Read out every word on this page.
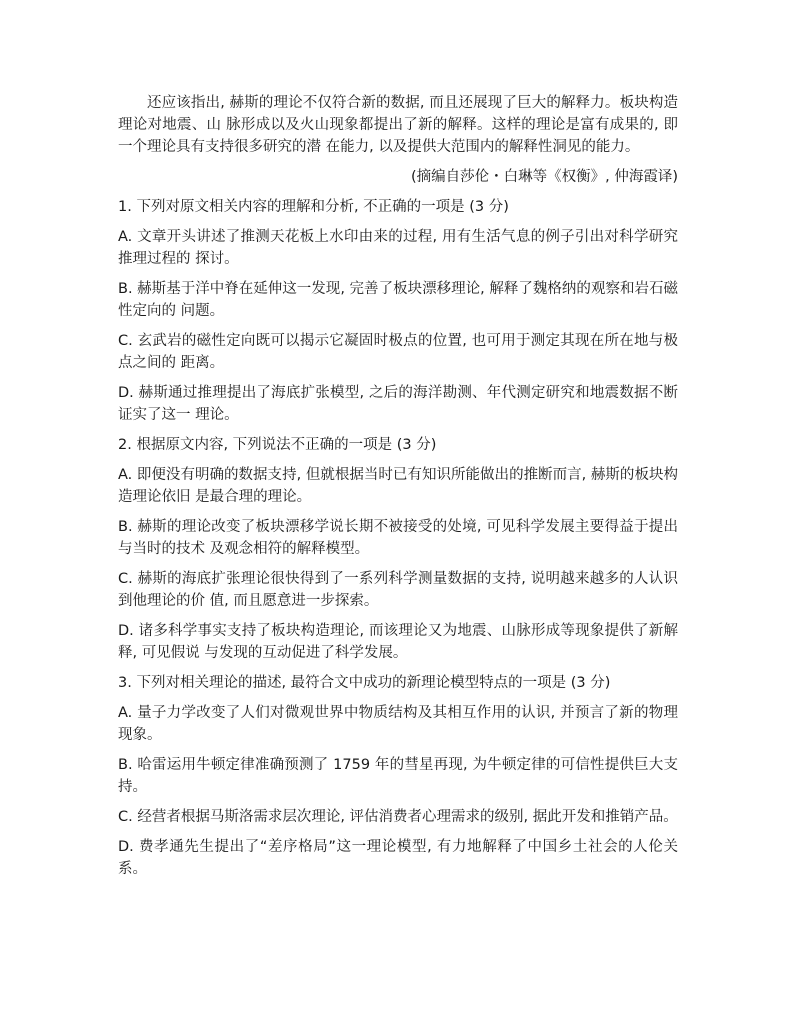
还应该指出, 赫斯的理论不仅符合新的数据, 而且还展现了巨大的解释力。板块构造理论对地震、山 脉形成以及火山现象都提出了新的解释。这样的理论是富有成果的, 即一个理论具有支持很多研究的潜 在能力, 以及提供大范围内的解释性洞见的能力。

(摘编自莎伦・白琳等《权衡》, 仲海霞译)

1. 下列对原文相关内容的理解和分析, 不正确的一项是 (3 分)

A. 文章开头讲述了推测天花板上水印由来的过程, 用有生活气息的例子引出对科学研究推理过程的 探讨。

B. 赫斯基于洋中脊在延伸这一发现, 完善了板块漂移理论, 解释了魏格纳的观察和岩石磁性定向的 问题。

C. 玄武岩的磁性定向既可以揭示它凝固时极点的位置, 也可用于测定其现在所在地与极点之间的 距离。

D. 赫斯通过推理提出了海底扩张模型, 之后的海洋勘测、年代测定研究和地震数据不断证实了这一 理论。

2. 根据原文内容, 下列说法不正确的一项是 (3 分)

A. 即便没有明确的数据支持, 但就根据当时已有知识所能做出的推断而言, 赫斯的板块构造理论依旧 是最合理的理论。

B. 赫斯的理论改变了板块漂移学说长期不被接受的处境, 可见科学发展主要得益于提出与当时的技术 及观念相符的解释模型。

C. 赫斯的海底扩张理论很快得到了一系列科学测量数据的支持, 说明越来越多的人认识到他理论的价 值, 而且愿意进一步探索。

D. 诸多科学事实支持了板块构造理论, 而该理论又为地震、山脉形成等现象提供了新解释, 可见假说 与发现的互动促进了科学发展。

3. 下列对相关理论的描述, 最符合文中成功的新理论模型特点的一项是 (3 分)

A. 量子力学改变了人们对微观世界中物质结构及其相互作用的认识, 并预言了新的物理现象。

B. 哈雷运用牛顿定律准确预测了 1759 年的彗星再现, 为牛顿定律的可信性提供巨大支持。

C. 经营者根据马斯洛需求层次理论, 评估消费者心理需求的级别, 据此开发和推销产品。

D. 费孝通先生提出了“差序格局”这一理论模型, 有力地解释了中国乡土社会的人伦关系。
